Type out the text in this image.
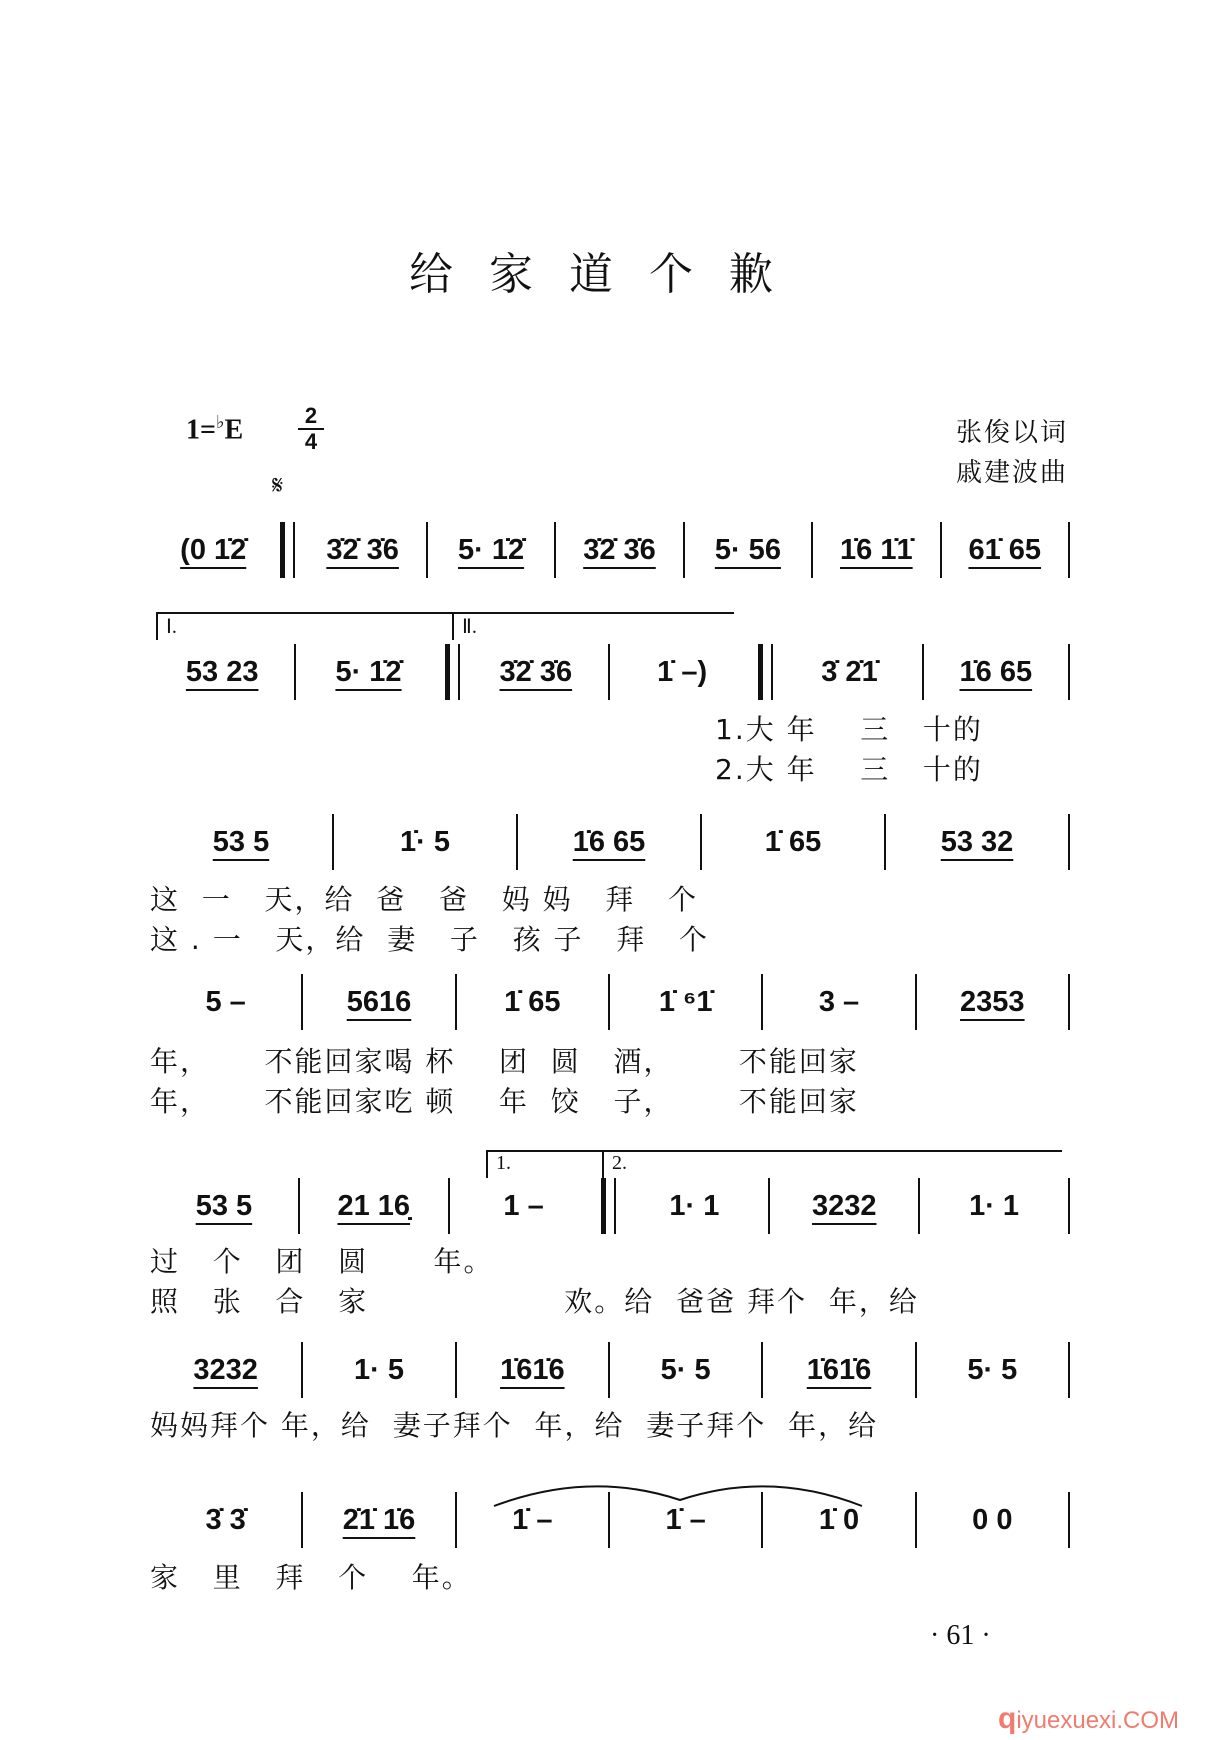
给家道个歉
1=♭E	2
4	张俊以词
戚建波曲
𝄋
(0 1̇2̇	3̇2̇ 3̇6 5· 1̇2̇ 3̇2̇ 3̇6 5· 56 1̇6 1̇1̇ 61̇ 65
Ⅰ.	Ⅱ.
53 23	5· 1̇2̇	3̇2̇ 3̇6	1̇ –)	3̇ 2̇1̇	1̇6 65
1.大 年    三   十的
2.大 年    三   十的
53 5	1̇· 5	1̇6 65	1̇ 65	53 32
这  一   天，给  爸   爸   妈 妈   拜   个
这 . 一   天，给  妻   子   孩 子   拜   个
5 –	5616	1̇ 65	1̇ ⁶1̇	3 –	2353
年，     不能回家喝 杯    团  圆   酒，      不能回家
年，     不能回家吃 顿    年  饺   子，      不能回家
1.	2.
53 5	21 16̣	1 –	1· 1	3232	1· 1
过   个   团   圆      年。
照   张   合   家                  欢。给  爸爸 拜个  年，给
3232	1· 5	1̇61̇6	5· 5	1̇61̇6	5· 5
妈妈拜个 年，给  妻子拜个  年，给  妻子拜个  年，给
3̇ 3̇	2̇1̇ 1̇6	1̇ –	1̇ –	1̇ 0	0 0
家   里   拜   个    年。
· 61 ·
qiyuexuexi.COM
